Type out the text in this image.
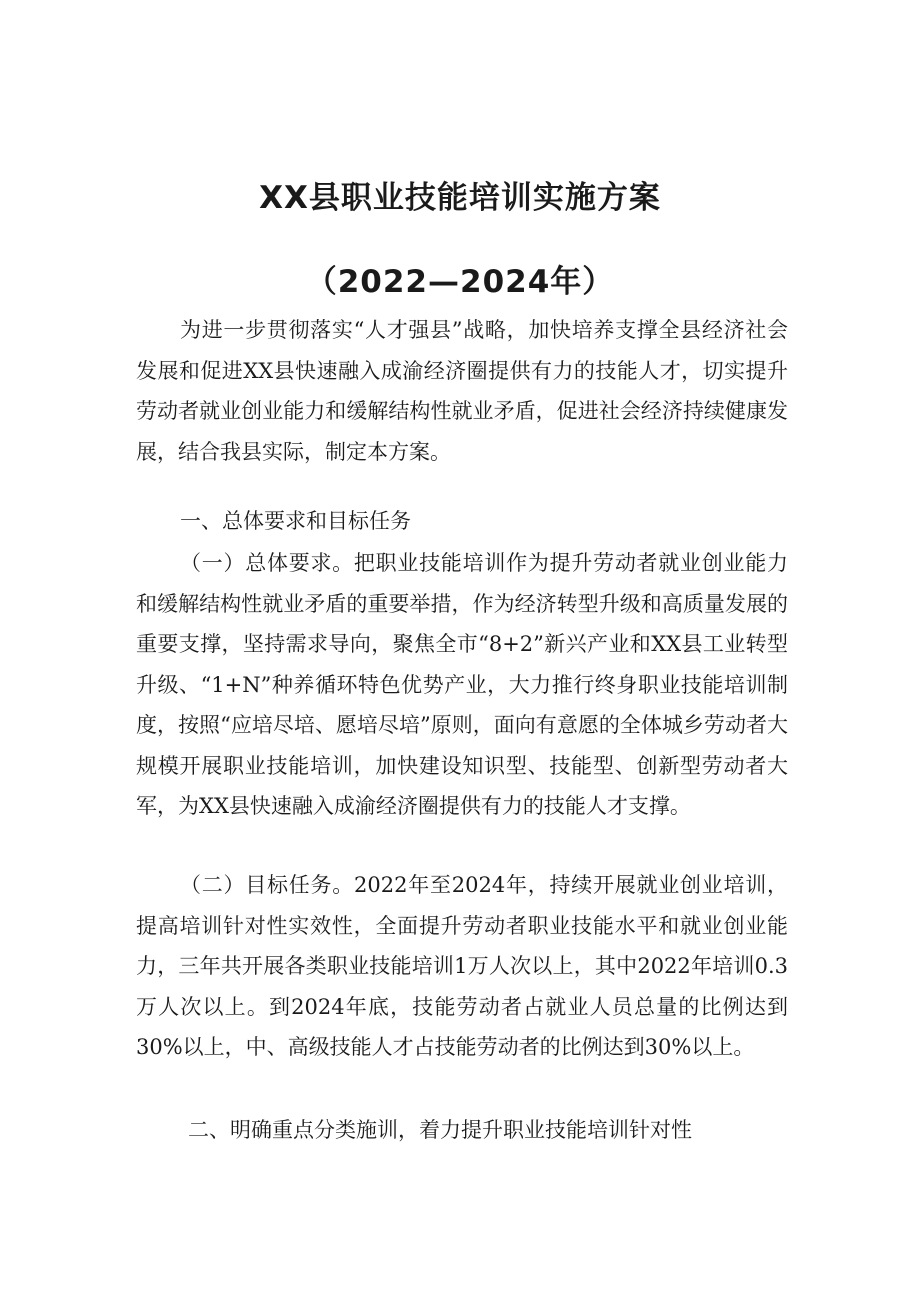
XX县职业技能培训实施方案
（2022—2024年）
为进一步贯彻落实“人才强县”战略，加快培养支撑全县经济社会发展和促进XX县快速融入成渝经济圈提供有力的技能人才，切实提升劳动者就业创业能力和缓解结构性就业矛盾，促进社会经济持续健康发展，结合我县实际，制定本方案。
一、总体要求和目标任务
（一）总体要求。把职业技能培训作为提升劳动者就业创业能力和缓解结构性就业矛盾的重要举措，作为经济转型升级和高质量发展的重要支撑，坚持需求导向，聚焦全市“8+2”新兴产业和XX县工业转型升级、“1+N”种养循环特色优势产业，大力推行终身职业技能培训制度，按照“应培尽培、愿培尽培”原则，面向有意愿的全体城乡劳动者大规模开展职业技能培训，加快建设知识型、技能型、创新型劳动者大军，为XX县快速融入成渝经济圈提供有力的技能人才支撑。
（二）目标任务。2022年至2024年，持续开展就业创业培训，提高培训针对性实效性，全面提升劳动者职业技能水平和就业创业能力，三年共开展各类职业技能培训1万人次以上，其中2022年培训0.3万人次以上。到2024年底，技能劳动者占就业人员总量的比例达到30%以上，中、高级技能人才占技能劳动者的比例达到30%以上。
二、明确重点分类施训，着力提升职业技能培训针对性
